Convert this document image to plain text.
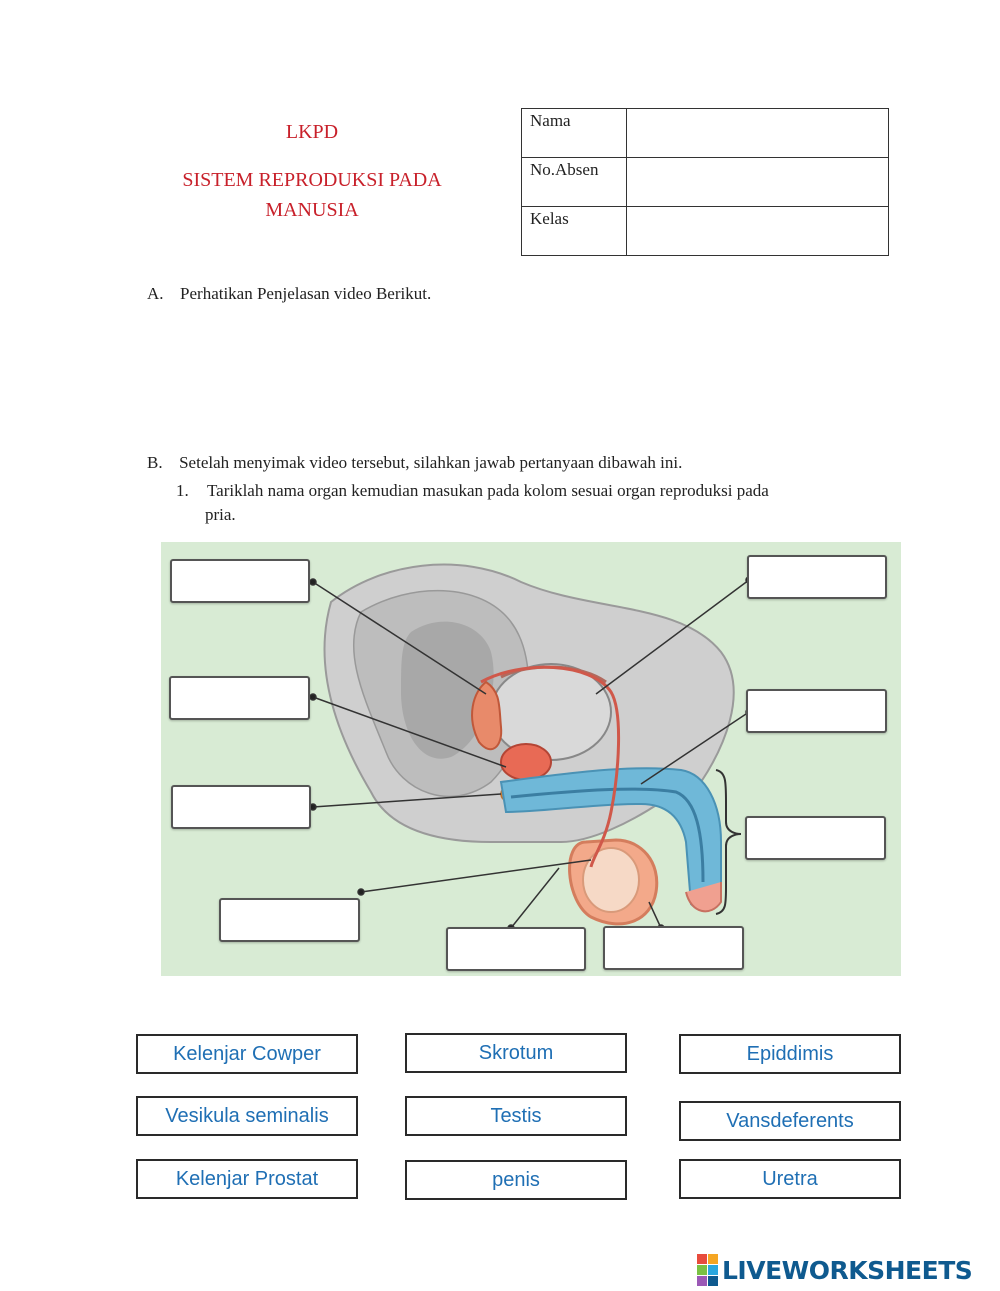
LKPD
SISTEM REPRODUKSI PADA
MANUSIA
Nama	
No.Absen	
Kelas	
A. Perhatikan Penjelasan video Berikut.
B. Setelah menyimak video tersebut, silahkan jawab pertanyaan dibawah ini.
1. Tariklah nama organ kemudian masukan pada kolom sesuai organ reproduksi pada
pria.
Kelenjar Cowper	Skrotum	Epiddimis
Vesikula seminalis	Testis	Vansdeferents
Kelenjar Prostat	penis	Uretra
LIVEWORKSHEETS
